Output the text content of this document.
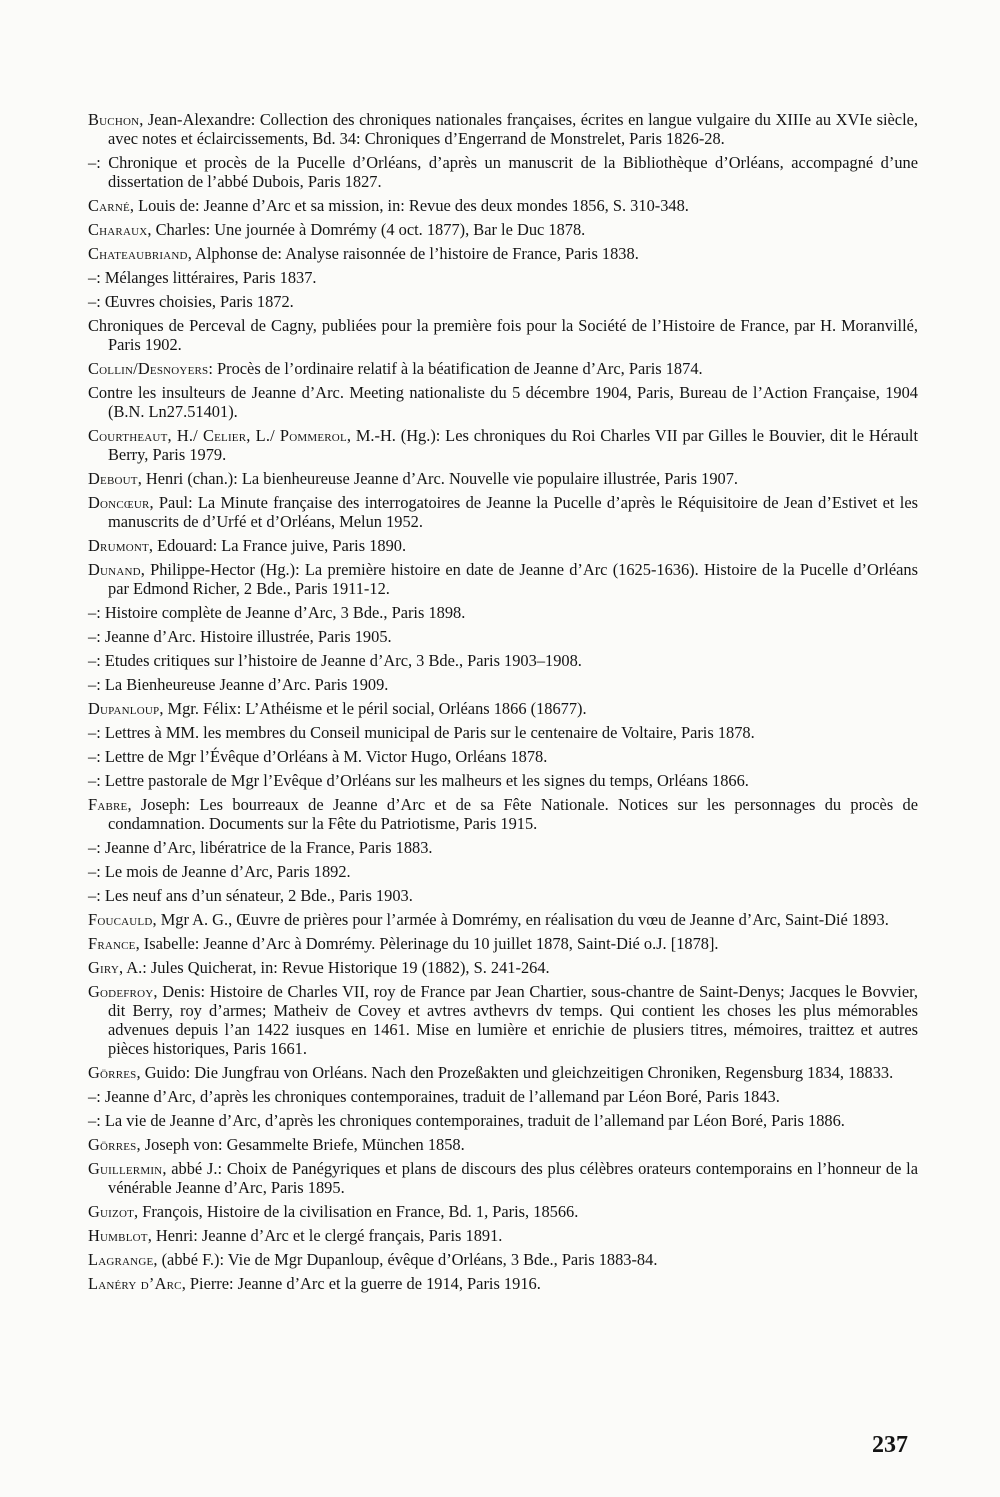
Buchon, Jean-Alexandre: Collection des chroniques nationales françaises, écrites en langue vulgaire du XIIIe au XVIe siècle, avec notes et éclaircissements, Bd. 34: Chroniques d’Engerrand de Monstrelet, Paris 1826-28.

–: Chronique et procès de la Pucelle d’Orléans, d’après un manuscrit de la Bibliothèque d’Orléans, accompagné d’une dissertation de l’abbé Dubois, Paris 1827.

Carné, Louis de: Jeanne d’Arc et sa mission, in: Revue des deux mondes 1856, S. 310-348.

Charaux, Charles: Une journée à Domrémy (4 oct. 1877), Bar le Duc 1878.

Chateaubriand, Alphonse de: Analyse raisonnée de l’histoire de France, Paris 1838.

–: Mélanges littéraires, Paris 1837.

–: Œuvres choisies, Paris 1872.

Chroniques de Perceval de Cagny, publiées pour la première fois pour la Société de l’Histoire de France, par H. Moranvillé, Paris 1902.

Collin/Desnoyers: Procès de l’ordinaire relatif à la béatification de Jeanne d’Arc, Paris 1874.

Contre les insulteurs de Jeanne d’Arc. Meeting nationaliste du 5 décembre 1904, Paris, Bureau de l’Action Française, 1904 (B.N. Ln27.51401).

Courtheaut, H./ Celier, L./ Pommerol, M.-H. (Hg.): Les chroniques du Roi Charles VII par Gilles le Bouvier, dit le Hérault Berry, Paris 1979.

Debout, Henri (chan.): La bienheureuse Jeanne d’Arc. Nouvelle vie populaire illustrée, Paris 1907.

Doncœur, Paul: La Minute française des interrogatoires de Jeanne la Pucelle d’après le Réquisitoire de Jean d’Estivet et les manuscrits de d’Urfé et d’Orléans, Melun 1952.

Drumont, Edouard: La France juive, Paris 1890.

Dunand, Philippe-Hector (Hg.): La première histoire en date de Jeanne d’Arc (1625-1636). Histoire de la Pucelle d’Orléans par Edmond Richer, 2 Bde., Paris 1911-12.

–: Histoire complète de Jeanne d’Arc, 3 Bde., Paris 1898.

–: Jeanne d’Arc. Histoire illustrée, Paris 1905.

–: Etudes critiques sur l’histoire de Jeanne d’Arc, 3 Bde., Paris 1903–1908.

–: La Bienheureuse Jeanne d’Arc. Paris 1909.

Dupanloup, Mgr. Félix: L’Athéisme et le péril social, Orléans 1866 (18677).

–: Lettres à MM. les membres du Conseil municipal de Paris sur le centenaire de Voltaire, Paris 1878.

–: Lettre de Mgr l’Évêque d’Orléans à M. Victor Hugo, Orléans 1878.

–: Lettre pastorale de Mgr l’Evêque d’Orléans sur les malheurs et les signes du temps, Orléans 1866.

Fabre, Joseph: Les bourreaux de Jeanne d’Arc et de sa Fête Nationale. Notices sur les personnages du procès de condamnation. Documents sur la Fête du Patriotisme, Paris 1915.

–: Jeanne d’Arc, libératrice de la France, Paris 1883.

–: Le mois de Jeanne d’Arc, Paris 1892.

–: Les neuf ans d’un sénateur, 2 Bde., Paris 1903.

Foucauld, Mgr A. G., Œuvre de prières pour l’armée à Domrémy, en réalisation du vœu de Jeanne d’Arc, Saint-Dié 1893.

France, Isabelle: Jeanne d’Arc à Domrémy. Pèlerinage du 10 juillet 1878, Saint-Dié o.J. [1878].

Giry, A.: Jules Quicherat, in: Revue Historique 19 (1882), S. 241-264.

Godefroy, Denis: Histoire de Charles VII, roy de France par Jean Chartier, sous-chantre de Saint-Denys; Jacques le Bovvier, dit Berry, roy d’armes; Matheiv de Covey et avtres avthevrs dv temps. Qui contient les choses les plus mémorables advenues depuis l’an 1422 iusques en 1461. Mise en lumière et enrichie de plusiers titres, mémoires, traittez et autres pièces historiques, Paris 1661.

Görres, Guido: Die Jungfrau von Orléans. Nach den Prozeßakten und gleichzeitigen Chroniken, Regensburg 1834, 18833.

–: Jeanne d’Arc, d’après les chroniques contemporaines, traduit de l’allemand par Léon Boré, Paris 1843.

–: La vie de Jeanne d’Arc, d’après les chroniques contemporaines, traduit de l’allemand par Léon Boré, Paris 1886.

Görres, Joseph von: Gesammelte Briefe, München 1858.

Guillermin, abbé J.: Choix de Panégyriques et plans de discours des plus célèbres orateurs contemporains en l’honneur de la vénérable Jeanne d’Arc, Paris 1895.

Guizot, François, Histoire de la civilisation en France, Bd. 1, Paris, 18566.

Humblot, Henri: Jeanne d’Arc et le clergé français, Paris 1891.

Lagrange, (abbé F.): Vie de Mgr Dupanloup, évêque d’Orléans, 3 Bde., Paris 1883-84.

Lanéry d’Arc, Pierre: Jeanne d’Arc et la guerre de 1914, Paris 1916.

237
